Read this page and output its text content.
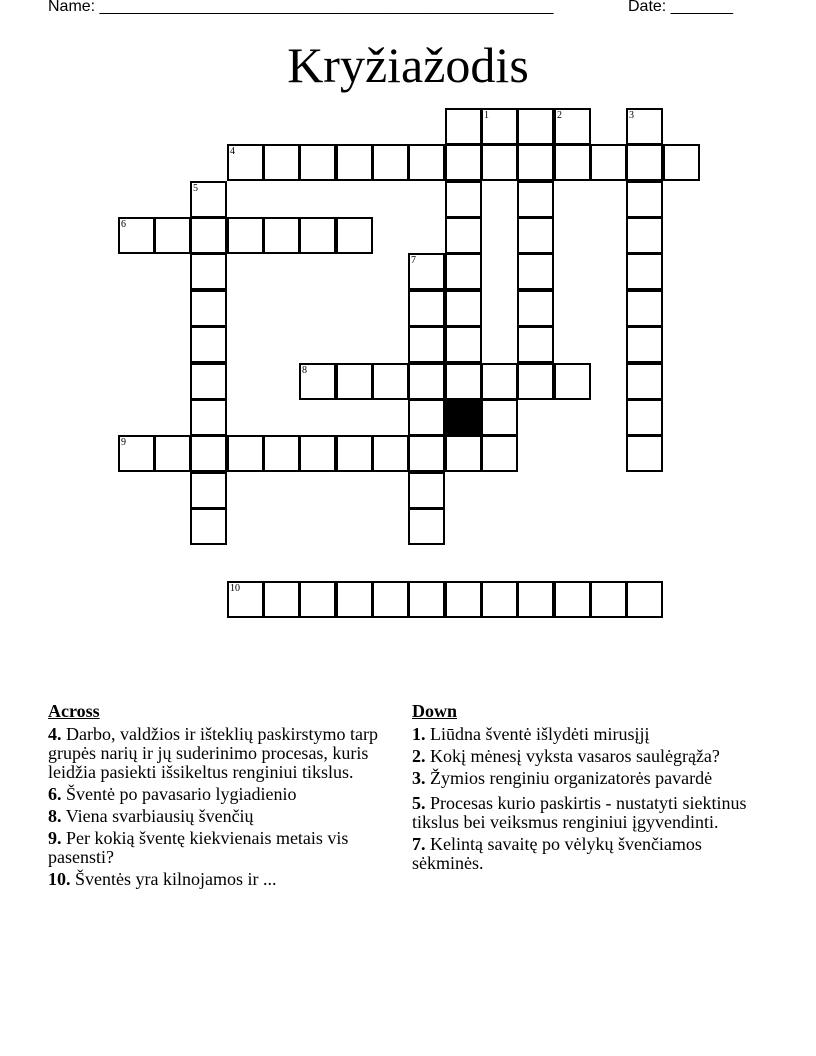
Name: ___________________________________________________	Date: _______
Kryžiažodis
3
4
5
6
7
8
9
10
1	2
Across
4. Darbo, valdžios ir išteklių paskirstymo tarp grupės narių ir jų suderinimo procesas, kuris leidžia pasiekti išsikeltus renginiui tikslus.
6. Šventė po pavasario lygiadienio
8. Viena svarbiausių švenčių
9. Per kokią šventę kiekvienais metais vis pasensti?
10. Šventės yra kilnojamos ir ...
Down
1. Liūdna šventė išlydėti mirusįjį
2. Kokį mėnesį vyksta vasaros saulėgrąža?
3. Žymios renginiu organizatorės pavardė
5. Procesas kurio paskirtis - nustatyti siektinus tikslus bei veiksmus renginiui įgyvendinti.
7. Kelintą savaitę po vėlykų švenčiamos sėkminės.
